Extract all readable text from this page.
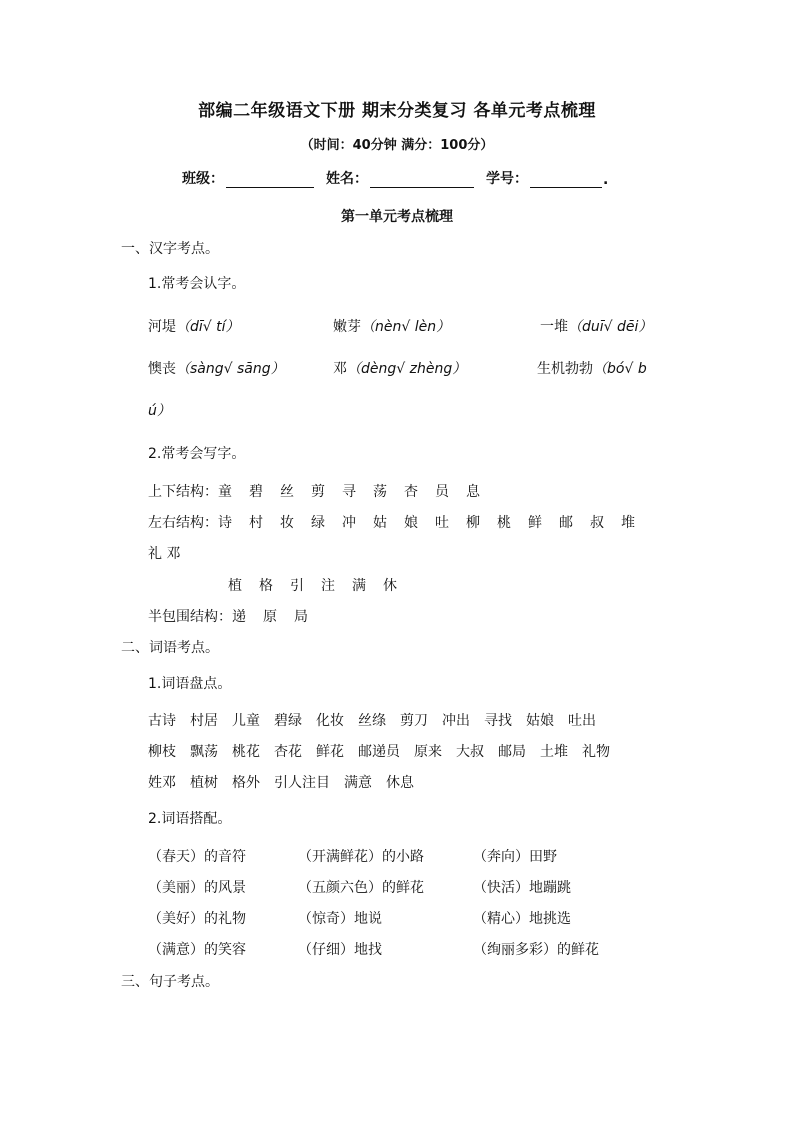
部编二年级语文下册 期末分类复习 各单元考点梳理
（时间：40分钟 满分：100分）
班级：	姓名：	学号：	.
第一单元考点梳理
一、汉字考点。
1.常考会认字。
河堤（dī√ tí）	嫩芽（nèn√ lèn）	一堆（duī√ dēi）
懊丧（sàng√ sāng）	邓（dèng√ zhèng）	生机勃勃（bó√ b
ú）
2.常考会写字。
上下结构：童 碧 丝 剪 寻 荡 杏 员 息
左右结构：诗 村 妆 绿 冲 姑 娘 吐 柳 桃 鲜 邮 叔 堆
礼 邓
植 格 引 注 满 休
半包围结构：递 原 局
二、词语考点。
1.词语盘点。
古诗 村居 儿童 碧绿 化妆 丝绦 剪刀 冲出 寻找 姑娘 吐出
柳枝 飘荡 桃花 杏花 鲜花 邮递员 原来 大叔 邮局 土堆 礼物
姓邓 植树 格外 引人注目 满意 休息
2.词语搭配。
（春天）的音符	（开满鲜花）的小路	（奔向）田野
（美丽）的风景	（五颜六色）的鲜花	（快活）地蹦跳
（美好）的礼物	（惊奇）地说	（精心）地挑选
（满意）的笑容	（仔细）地找	（绚丽多彩）的鲜花
三、句子考点。
